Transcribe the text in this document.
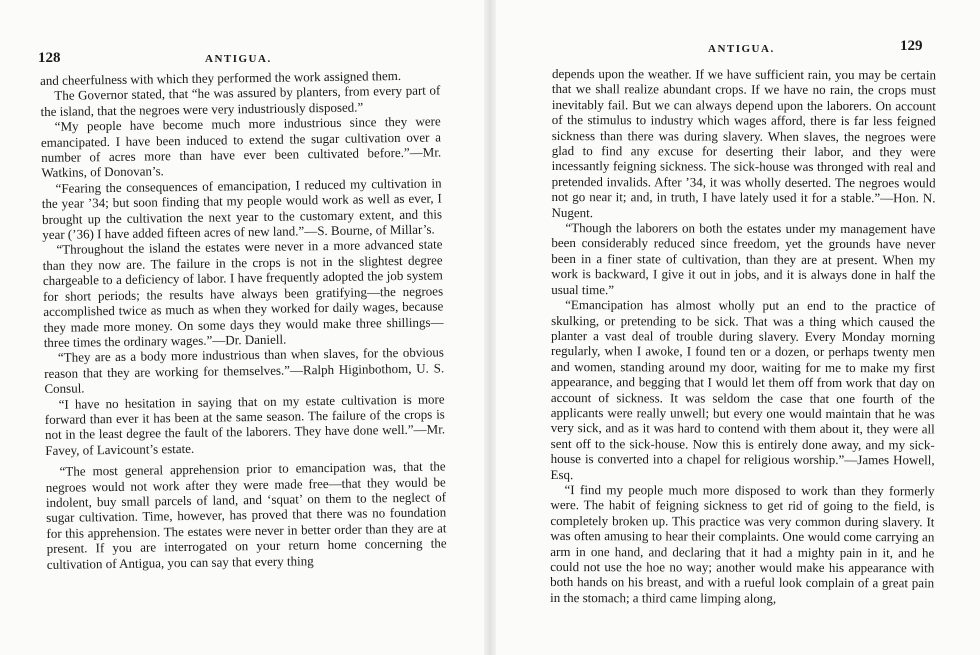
128	ANTIGUA.

and cheerfulness with which they performed the work assigned them.

The Governor stated, that “he was assured by planters, from every part of the island, that the negroes were very industriously disposed.”

“My people have become much more industrious since they were emancipated. I have been induced to extend the sugar cultivation over a number of acres more than have ever been cultivated before.”—Mr. Watkins, of Donovan’s.

“Fearing the consequences of emancipation, I reduced my cultivation in the year ’34; but soon finding that my people would work as well as ever, I brought up the cultivation the next year to the customary extent, and this year (’36) I have added fifteen acres of new land.”—S. Bourne, of Millar’s.

“Throughout the island the estates were never in a more advanced state than they now are. The failure in the crops is not in the slightest degree chargeable to a deficiency of labor. I have frequently adopted the job system for short periods; the results have always been gratifying—the negroes accomplished twice as much as when they worked for daily wages, because they made more money. On some days they would make three shillings—three times the ordinary wages.”—Dr. Daniell.

“They are as a body more industrious than when slaves, for the obvious reason that they are working for themselves.”—Ralph Higinbothom, U. S. Consul.

“I have no hesitation in saying that on my estate cultivation is more forward than ever it has been at the same season. The failure of the crops is not in the least degree the fault of the laborers. They have done well.”—Mr. Favey, of Lavicount’s estate.

“The most general apprehension prior to emancipation was, that the negroes would not work after they were made free—that they would be indolent, buy small parcels of land, and ‘squat’ on them to the neglect of sugar cultivation. Time, however, has proved that there was no foundation for this apprehension. The estates were never in better order than they are at present. If you are interrogated on your return home concerning the cultivation of Antigua, you can say that every thing

ANTIGUA.	129

depends upon the weather. If we have sufficient rain, you may be certain that we shall realize abundant crops. If we have no rain, the crops must inevitably fail. But we can always depend upon the laborers. On account of the stimulus to industry which wages afford, there is far less feigned sickness than there was during slavery. When slaves, the negroes were glad to find any excuse for deserting their labor, and they were incessantly feigning sickness. The sick-house was thronged with real and pretended invalids. After ’34, it was wholly deserted. The negroes would not go near it; and, in truth, I have lately used it for a stable.”—Hon. N. Nugent.

“Though the laborers on both the estates under my management have been considerably reduced since freedom, yet the grounds have never been in a finer state of cultivation, than they are at present. When my work is backward, I give it out in jobs, and it is always done in half the usual time.”

“Emancipation has almost wholly put an end to the practice of skulking, or pretending to be sick. That was a thing which caused the planter a vast deal of trouble during slavery. Every Monday morning regularly, when I awoke, I found ten or a dozen, or perhaps twenty men and women, standing around my door, waiting for me to make my first appearance, and begging that I would let them off from work that day on account of sickness. It was seldom the case that one fourth of the applicants were really unwell; but every one would maintain that he was very sick, and as it was hard to contend with them about it, they were all sent off to the sick-house. Now this is entirely done away, and my sick-house is converted into a chapel for religious worship.”—James Howell, Esq.

“I find my people much more disposed to work than they formerly were. The habit of feigning sickness to get rid of going to the field, is completely broken up. This practice was very common during slavery. It was often amusing to hear their complaints. One would come carrying an arm in one hand, and declaring that it had a mighty pain in it, and he could not use the hoe no way; another would make his appearance with both hands on his breast, and with a rueful look complain of a great pain in the stomach; a third came limping along,
